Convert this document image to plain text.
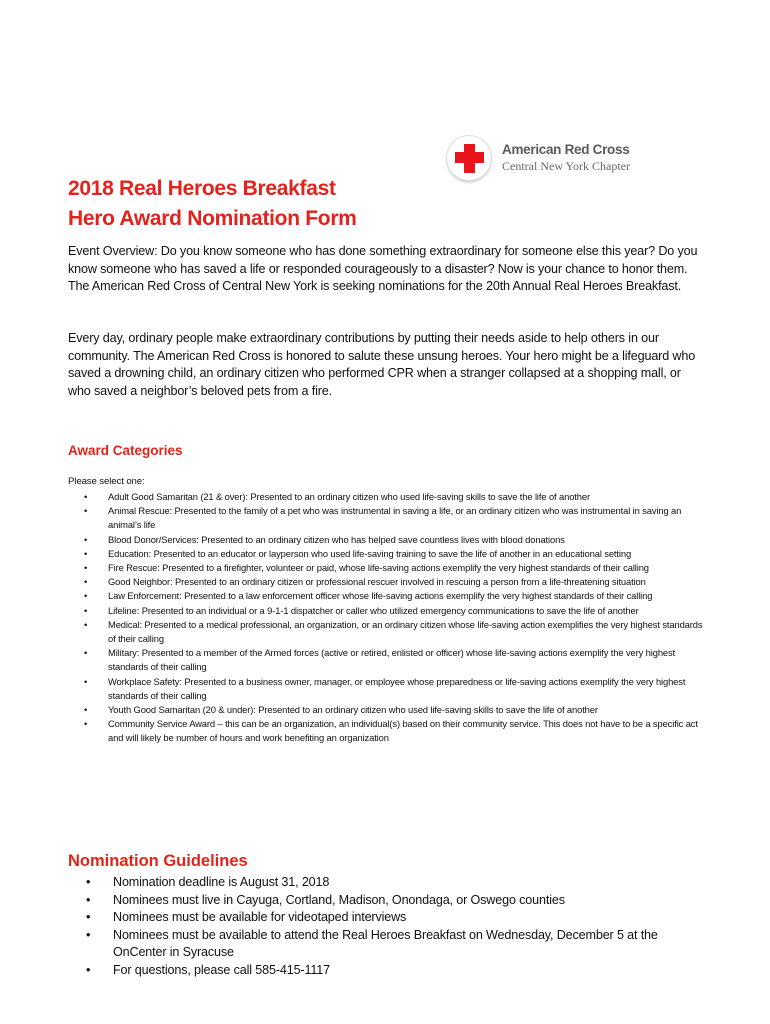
American Red Cross
Central New York Chapter
2018 Real Heroes Breakfast
Hero Award Nomination Form

Event Overview: Do you know someone who has done something extraordinary for someone else this year? Do you know someone who has saved a life or responded courageously to a disaster? Now is your chance to honor them. The American Red Cross of Central New York is seeking nominations for the 20th Annual Real Heroes Breakfast.

Every day, ordinary people make extraordinary contributions by putting their needs aside to help others in our community. The American Red Cross is honored to salute these unsung heroes. Your hero might be a lifeguard who saved a drowning child, an ordinary citizen who performed CPR when a stranger collapsed at a shopping mall, or who saved a neighbor’s beloved pets from a fire.

Award Categories
Please select one:
• Adult Good Samaritan (21 & over): Presented to an ordinary citizen who used life-saving skills to save the life of another
• Animal Rescue: Presented to the family of a pet who was instrumental in saving a life, or an ordinary citizen who was instrumental in saving an animal’s life
• Blood Donor/Services: Presented to an ordinary citizen who has helped save countless lives with blood donations
• Education: Presented to an educator or layperson who used life-saving training to save the life of another in an educational setting
• Fire Rescue: Presented to a firefighter, volunteer or paid, whose life-saving actions exemplify the very highest standards of their calling
• Good Neighbor: Presented to an ordinary citizen or professional rescuer involved in rescuing a person from a life-threatening situation
• Law Enforcement: Presented to a law enforcement officer whose life-saving actions exemplify the very highest standards of their calling
• Lifeline: Presented to an individual or a 9-1-1 dispatcher or caller who utilized emergency communications to save the life of another
• Medical: Presented to a medical professional, an organization, or an ordinary citizen whose life-saving action exemplifies the very highest standards of their calling
• Military: Presented to a member of the Armed forces (active or retired, enlisted or officer) whose life-saving actions exemplify the very highest standards of their calling
• Workplace Safety: Presented to a business owner, manager, or employee whose preparedness or life-saving actions exemplify the very highest standards of their calling
• Youth Good Samaritan (20 & under): Presented to an ordinary citizen who used life-saving skills to save the life of another
• Community Service Award – this can be an organization, an individual(s) based on their community service. This does not have to be a specific act and will likely be number of hours and work benefiting an organization
Nomination Guidelines
• Nomination deadline is August 31, 2018
• Nominees must live in Cayuga, Cortland, Madison, Onondaga, or Oswego counties
• Nominees must be available for videotaped interviews
• Nominees must be available to attend the Real Heroes Breakfast on Wednesday, December 5 at the OnCenter in Syracuse
• For questions, please call 585-415-1117
